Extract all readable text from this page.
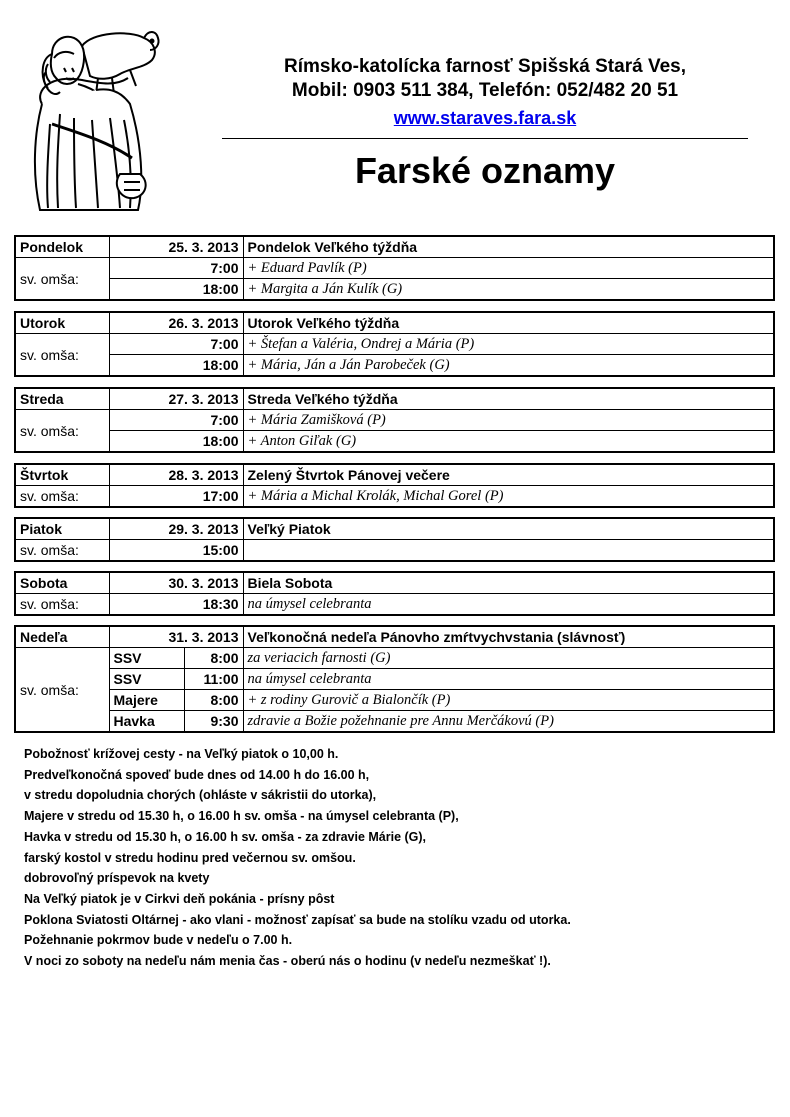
Rímsko-katolícka farnosť Spišská Stará Ves,
Mobil: 0903 511 384, Telefón: 052/482 20 51
www.staraves.fara.sk
Farské oznamy
Pondelok	25. 3. 2013	Pondelok Veľkého týždňa
sv. omša:	7:00	+ Eduard Pavlík (P)
	18:00	+ Margita a Ján Kulík (G)
Utorok	26. 3. 2013	Utorok Veľkého týždňa
sv. omša:	7:00	+ Štefan a Valéria, Ondrej a Mária (P)
	18:00	+ Mária, Ján a Ján Parobeček (G)
Streda	27. 3. 2013	Streda Veľkého týždňa
sv. omša:	7:00	+ Mária Zamišková (P)
	18:00	+ Anton Giľak (G)
Štvrtok	28. 3. 2013	Zelený Štvrtok Pánovej večere
sv. omša:	17:00	+ Mária a Michal Krolák, Michal Gorel (P)
Piatok	29. 3. 2013	Veľký Piatok
sv. omša:	15:00	
Sobota	30. 3. 2013	Biela Sobota
sv. omša:	18:30	na úmysel celebranta
Nedeľa	31. 3. 2013		Veľkonočná nedeľa Pánovho zmŕtvychvstania (slávnosť)
sv. omša:	SSV	8:00	za veriacich farnosti (G)
	SSV	11:00	na úmysel celebranta
	Majere	8:00	+ z rodiny Gurovič a Bialončík (P)
	Havka	9:30	zdravie a Božie požehnanie pre Annu Merčákovú (P)
Pobožnosť krížovej cesty - na Veľký piatok o 10,00 h.
Predveľkonočná spoveď bude dnes od 14.00 h do 16.00 h,
v stredu dopoludnia chorých (ohláste v sákristii do utorka),
Majere v stredu od 15.30 h, o 16.00 h sv. omša - na úmysel celebranta (P),
Havka v stredu od 15.30 h, o 16.00 h sv. omša - za zdravie Márie (G),
farský kostol v stredu hodinu pred večernou sv. omšou.
dobrovoľný príspevok na kvety
Na Veľký piatok je v Cirkvi deň pokánia - prísny pôst
Poklona Sviatosti Oltárnej - ako vlani - možnosť zapísať sa bude na stolíku vzadu od utorka.
Požehnanie pokrmov bude v nedeľu o 7.00 h.
V noci zo soboty na nedeľu nám menia čas - oberú nás o hodinu (v nedeľu nezmeškať !).
